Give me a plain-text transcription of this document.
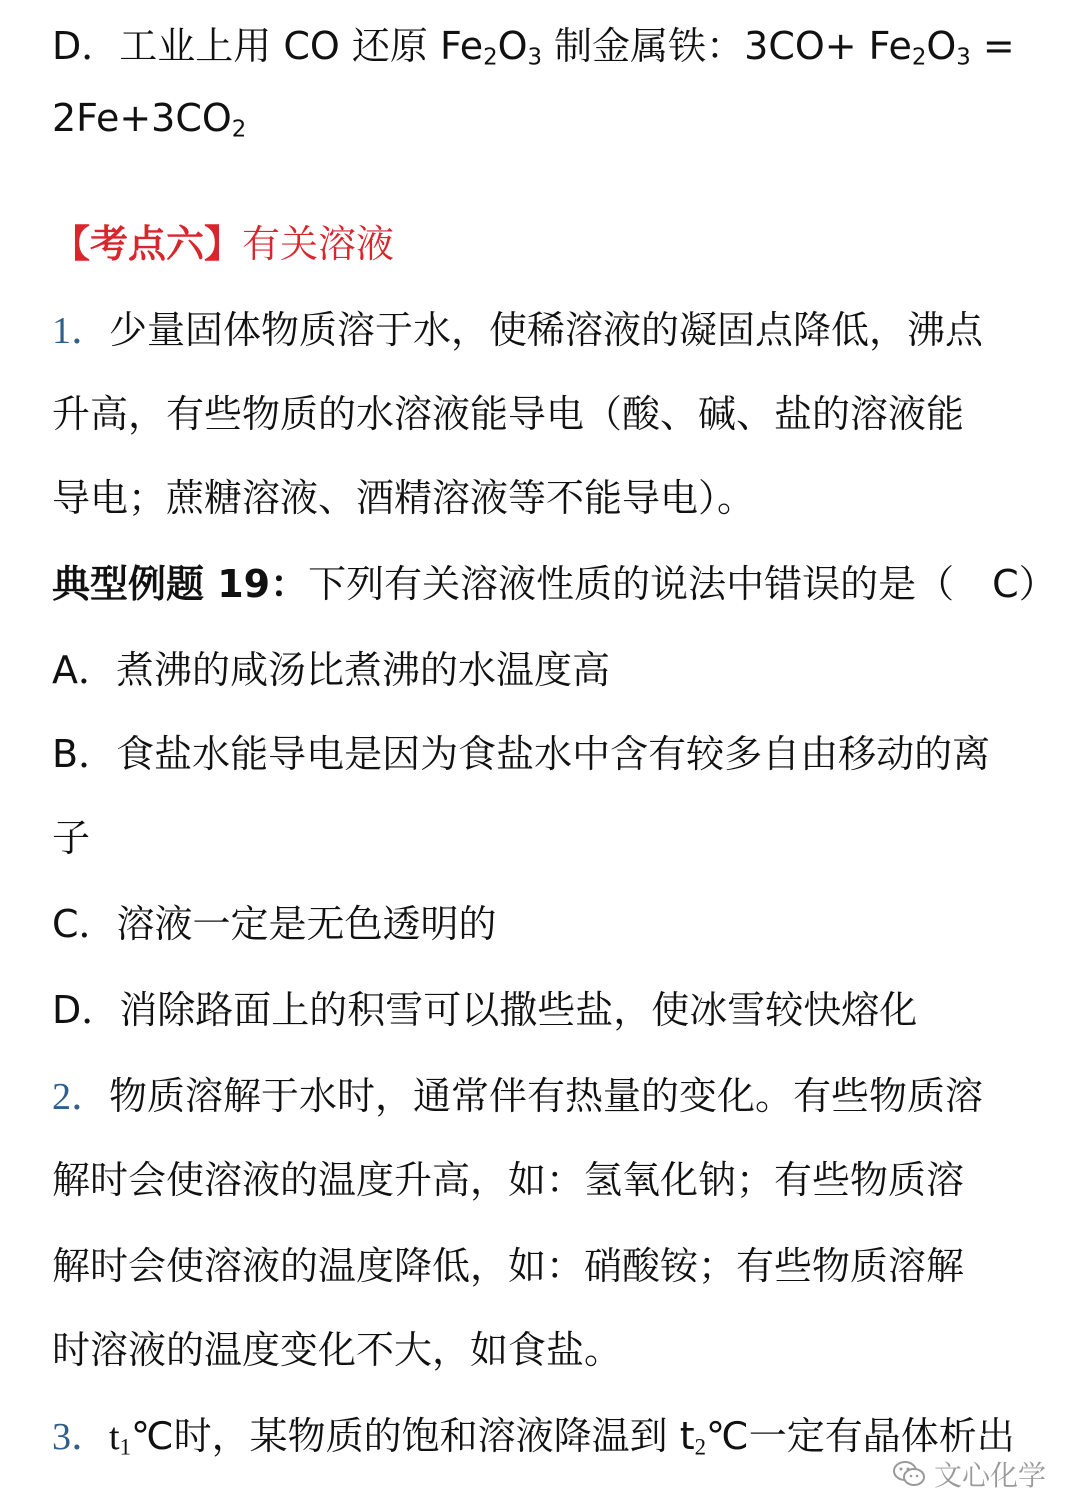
D．工业上用 CO 还原 $Fe_2O_3$ 制金属铁：$3CO+ Fe_2O_3$ =
$2Fe+3CO_2$
【考点六】有关溶液
1．少量固体物质溶于水，使稀溶液的凝固点降低，沸点
升高，有些物质的水溶液能导电（酸、碱、盐的溶液能
导电；蔗糖溶液、酒精溶液等不能导电）。
典型例题 19：下列有关溶液性质的说法中错误的是（　C）
A．煮沸的咸汤比煮沸的水温度高
B．食盐水能导电是因为食盐水中含有较多自由移动的离
子
C．溶液一定是无色透明的
D．消除路面上的积雪可以撒些盐，使冰雪较快熔化
2．物质溶解于水时，通常伴有热量的变化。有些物质溶
解时会使溶液的温度升高，如：氢氧化钠；有些物质溶
解时会使溶液的温度降低，如：硝酸铵；有些物质溶解
时溶液的温度变化不大，如食盐。
3．$t_1℃$时，某物质的饱和溶液降温到 $t_2℃$一定有晶体析出
文心化学
